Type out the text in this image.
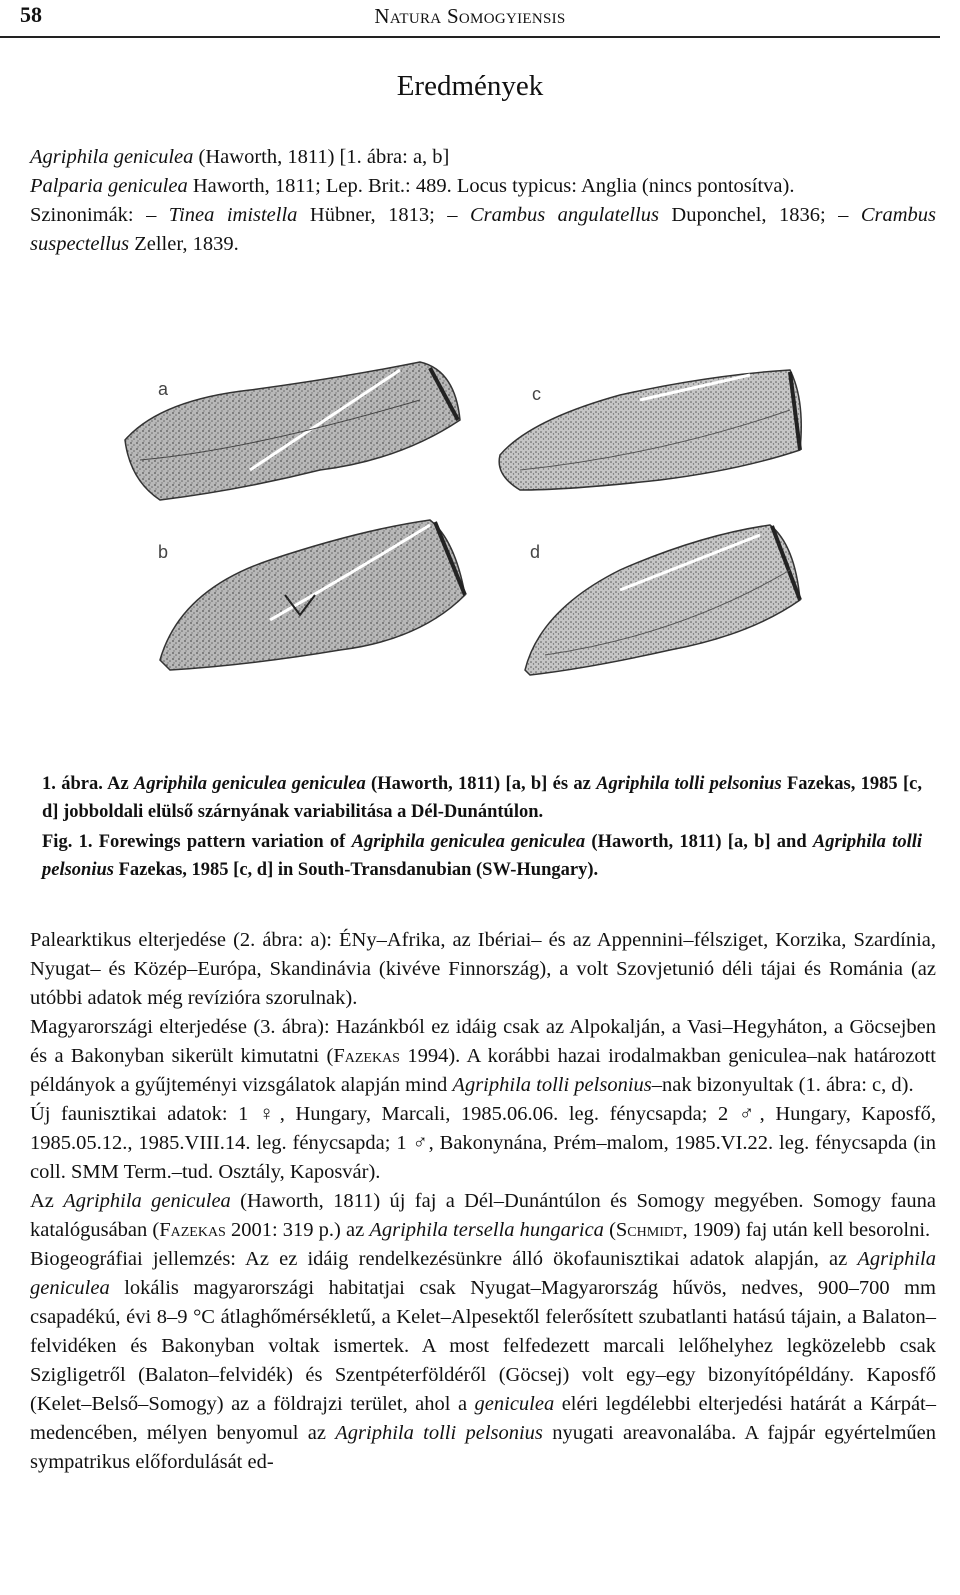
58	Natura Somogyiensis
Eredmények

Agriphila geniculea (Haworth, 1811) [1. ábra: a, b]

Palparia geniculea Haworth, 1811; Lep. Brit.: 489. Locus typicus: Anglia (nincs pontosítva).

Szinonimák: – Tinea imistella Hübner, 1813; – Crambus angulatellus Duponchel, 1836; – Crambus suspectellus Zeller, 1839.

a	c
b	d
1. ábra. Az Agriphila geniculea geniculea (Haworth, 1811) [a, b] és az Agriphila tolli pelsonius Fazekas, 1985 [c, d] jobboldali elülső szárnyának variabilitása a Dél-Dunántúlon.
Fig. 1. Forewings pattern variation of Agriphila geniculea geniculea (Haworth, 1811) [a, b] and Agriphila tolli pelsonius Fazekas, 1985 [c, d] in South-Transdanubian (SW-Hungary).

Palearktikus elterjedése (2. ábra: a): ÉNy–Afrika, az Ibériai– és az Appennini–félsziget, Korzika, Szardínia, Nyugat– és Közép–Európa, Skandinávia (kivéve Finnország), a volt Szovjetunió déli tájai és Románia (az utóbbi adatok még revízióra szorulnak).

Magyarországi elterjedése (3. ábra): Hazánkból ez idáig csak az Alpokalján, a Vasi–Hegyháton, a Göcsejben és a Bakonyban sikerült kimutatni (Fazekas 1994). A korábbi hazai irodalmakban geniculea–nak határozott példányok a gyűjteményi vizsgálatok alapján mind Agriphila tolli pelsonius–nak bizonyultak (1. ábra: c, d).

Új faunisztikai adatok: 1 ♀, Hungary, Marcali, 1985.06.06. leg. fénycsapda; 2 ♂, Hungary, Kaposfő, 1985.05.12., 1985.VIII.14. leg. fénycsapda; 1 ♂, Bakonynána, Prém–malom, 1985.VI.22. leg. fénycsapda (in coll. SMM Term.–tud. Osztály, Kaposvár).

Az Agriphila geniculea (Haworth, 1811) új faj a Dél–Dunántúlon és Somogy megyében. Somogy fauna katalógusában (Fazekas 2001: 319 p.) az Agriphila tersella hungarica (Schmidt, 1909) faj után kell besorolni.

Biogeográfiai jellemzés: Az ez idáig rendelkezésünkre álló ökofaunisztikai adatok alapján, az Agriphila geniculea lokális magyarországi habitatjai csak Nyugat–Magyarország hűvös, nedves, 900–700 mm csapadékú, évi 8–9 °C átlaghőmérsékletű, a Kelet–Alpesektől felerősített szubatlanti hatású tájain, a Balaton–felvidéken és Bakonyban voltak ismertek. A most felfedezett marcali lelőhelyhez legközelebb csak Szigligetről (Balaton–felvidék) és Szentpéterföldéről (Göcsej) volt egy–egy bizonyítópéldány. Kaposfő (Kelet–Belső–Somogy) az a földrajzi terület, ahol a geniculea eléri legdélebbi elterjedési határát a Kárpát–medencében, mélyen benyomul az Agriphila tolli pelsonius nyugati areavonalába. A fajpár egyértelműen sympatrikus előfordulását ed-
